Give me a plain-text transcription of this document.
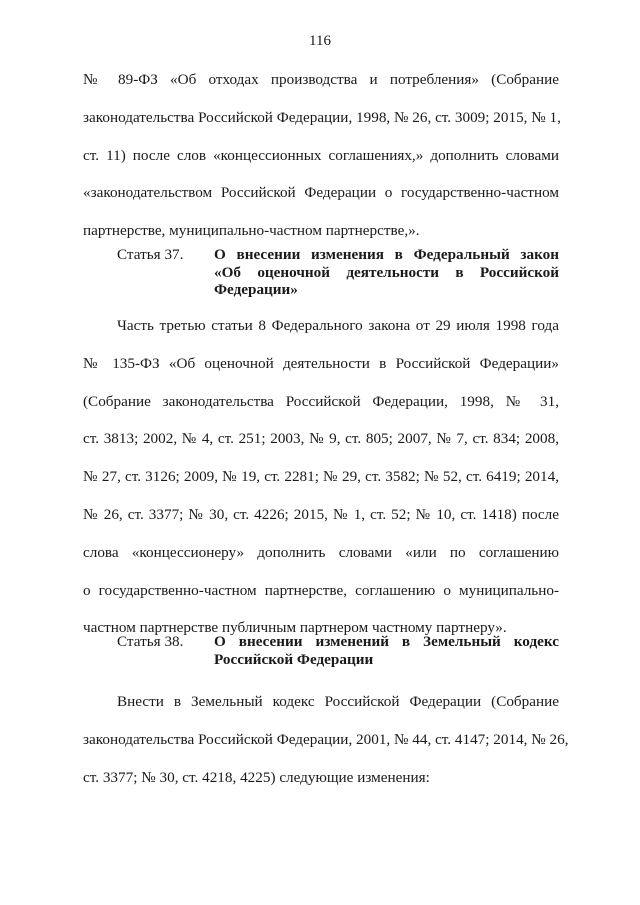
116
№ 89-ФЗ «Об отходах производства и потребления» (Собрание
законодательства Российской Федерации, 1998, № 26, ст. 3009; 2015, № 1,
ст. 11) после слов «концессионных соглашениях,» дополнить словами
«законодательством Российской Федерации о государственно-частном
партнерстве, муниципально-частном партнерстве,».
Статья 37. О внесении изменения в Федеральный закон
«Об оценочной деятельности в Российской
Федерации»
Часть третью статьи 8 Федерального закона от 29 июля 1998 года
№ 135-ФЗ «Об оценочной деятельности в Российской Федерации»
(Собрание законодательства Российской Федерации, 1998, № 31,
ст. 3813; 2002, № 4, ст. 251; 2003, № 9, ст. 805; 2007, № 7, ст. 834; 2008,
№ 27, ст. 3126; 2009, № 19, ст. 2281; № 29, ст. 3582; № 52, ст. 6419; 2014,
№ 26, ст. 3377; № 30, ст. 4226; 2015, № 1, ст. 52; № 10, ст. 1418) после
слова «концессионеру» дополнить словами «или по соглашению
о государственно-частном партнерстве, соглашению о муниципально-
частном партнерстве публичным партнером частному партнеру».
Статья 38. О внесении изменений в Земельный кодекс
Российской Федерации
Внести в Земельный кодекс Российской Федерации (Собрание
законодательства Российской Федерации, 2001, № 44, ст. 4147; 2014, № 26,
ст. 3377; № 30, ст. 4218, 4225) следующие изменения:
